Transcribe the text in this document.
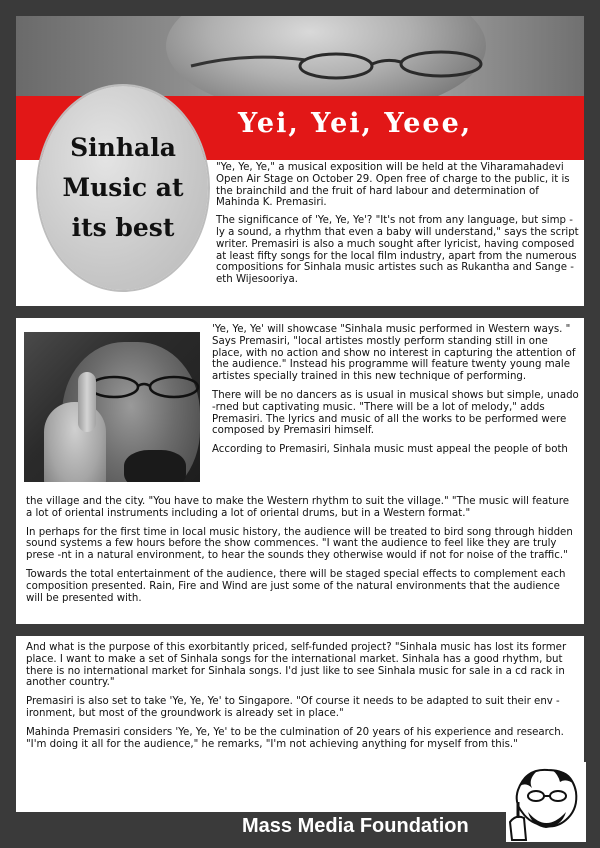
Yei, Yei, Yeee,
Sinhala
Music at
its best

"Ye, Ye, Ye," a musical exposition will be held at the Viharamahadevi Open Air Stage on October 29. Open free of charge to the public, it is the brainchild and the fruit of hard labour and determination of Mahinda K. Premasiri.

The significance of 'Ye, Ye, Ye'? "It's not from any language, but simp -ly a sound, a rhythm that even a baby will understand," says the script writer. Premasiri is also a much sought after lyricist, having composed at least fifty songs for the local film industry, apart from the numerous compositions for Sinhala music artistes such as Rukantha and Sange -eth Wijesooriya.

'Ye, Ye, Ye' will showcase "Sinhala music performed in Western ways. " Says Premasiri, "local artistes mostly perform standing still in one place, with no action and show no interest in capturing the attention of the audience." Instead his programme will feature twenty young male artistes specially trained in this new technique of performing.

There will be no dancers as is usual in musical shows but simple, unado -rned but captivating music. "There will be a lot of melody," adds Premasiri. The lyrics and music of all the works to be performed were composed by Premasiri himself.

According to Premasiri, Sinhala music must appeal the people of both

the village and the city. "You have to make the Western rhythm to suit the village." "The music will feature a lot of oriental instruments including a lot of oriental drums, but in a Western format."

In perhaps for the first time in local music history, the audience will be treated to bird song through hidden sound systems a few hours before the show commences. "I want the audience to feel like they are truly prese -nt in a natural environment, to hear the sounds they otherwise would if not for noise of the traffic."

Towards the total entertainment of the audience, there will be staged special effects to complement each composition presented. Rain, Fire and Wind are just some of the natural environments that the audience will be presented with.

And what is the purpose of this exorbitantly priced, self-funded project? "Sinhala music has lost its former place. I want to make a set of Sinhala songs for the international market. Sinhala has a good rhythm, but there is no international market for Sinhala songs. I'd just like to see Sinhala music for sale in a cd rack in another country."

Premasiri is also set to take 'Ye, Ye, Ye' to Singapore. "Of course it needs to be adapted to suit their env -ironment, but most of the groundwork is already set in place."

Mahinda Premasiri considers 'Ye, Ye, Ye' to be the culmination of 20 years of his experience and research. "I'm doing it all for the audience," he remarks, "I'm not achieving anything for myself from this."

Mass Media Foundation
